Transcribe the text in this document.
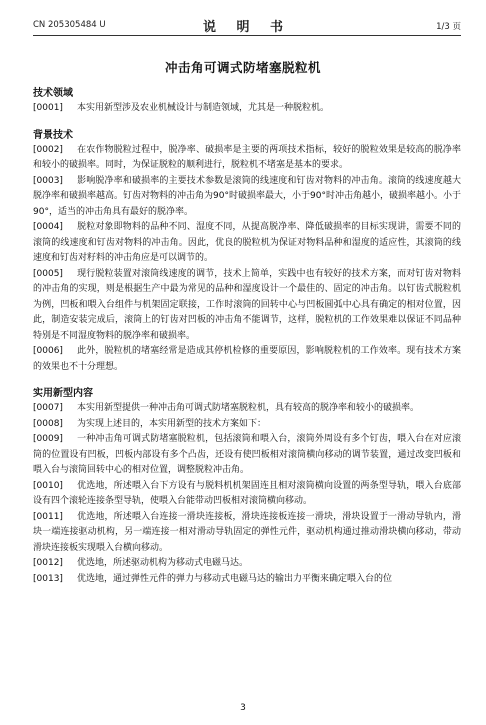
CN 205305484 U	说 明 书	1/3 页
冲击角可调式防堵塞脱粒机
技术领域

[0001] 本实用新型涉及农业机械设计与制造领域，尤其是一种脱粒机。

背景技术

[0002] 在农作物脱粒过程中，脱净率、破损率是主要的两项技术指标，较好的脱粒效果是较高的脱净率和较小的破损率。同时，为保证脱粒的顺利进行，脱粒机不堵塞是基本的要求。

[0003] 影响脱净率和破损率的主要技术参数是滚筒的线速度和钉齿对物料的冲击角。滚筒的线速度越大脱净率和破损率越高。钉齿对物料的冲击角为90°时破损率最大，小于90°时冲击角越小，破损率越小。小于90°，适当的冲击角具有最好的脱净率。

[0004] 脱粒对象即物料的品种不同、湿度不同，从提高脱净率、降低破损率的目标实现讲，需要不同的滚筒的线速度和钉齿对物料的冲击角。因此，优良的脱粒机为保证对物料品种和湿度的适应性，其滚筒的线速度和钉齿对籽料的冲击角应是可以调节的。

[0005] 现行脱粒装置对滚筒线速度的调节，技术上简单，实践中也有较好的技术方案，而对钉齿对物料的冲击角的实现，则是根据生产中最为常见的品种和湿度设计一个最佳的、固定的冲击角。以钉齿式脱粒机为例，凹板和喂入台组件与机架固定联接，工作时滚筒的回转中心与凹板圆弧中心具有确定的相对位置，因此，制造安装完成后，滚筒上的钉齿对凹板的冲击角不能调节，这样，脱粒机的工作效果难以保证不同品种特别是不同湿度物料的脱净率和破损率。

[0006] 此外，脱粒机的堵塞经常是造成其停机检修的重要原因，影响脱粒机的工作效率。现有技术方案的效果也不十分理想。

实用新型内容

[0007] 本实用新型提供一种冲击角可调式防堵塞脱粒机，具有较高的脱净率和较小的破损率。

[0008] 为实现上述目的，本实用新型的技术方案如下：

[0009] 一种冲击角可调式防堵塞脱粒机，包括滚筒和喂入台，滚筒外周设有多个钉齿，喂入台在对应滚筒的位置设有凹板，凹板内部设有多个凸齿，还设有使凹板相对滚筒横向移动的调节装置，通过改变凹板和喂入台与滚筒回转中心的相对位置，调整脱粒冲击角。

[0010] 优选地，所述喂入台下方设有与脱料机机架固连且相对滚筒横向设置的两条型导轨，喂入台底部设有四个滚轮连接条型导轨，使喂入台能带动凹板相对滚筒横向移动。

[0011] 优选地，所述喂入台连接一滑块连接板，滑块连接板连接一滑块，滑块设置于一滑动导轨内，滑块一端连接驱动机构，另一端连接一相对滑动导轨固定的弹性元件，驱动机构通过推动滑块横向移动，带动滑块连接板实现喂入台横向移动。

[0012] 优选地，所述驱动机构为移动式电磁马达。

[0013] 优选地，通过弹性元件的弹力与移动式电磁马达的输出力平衡来确定喂入台的位

3
